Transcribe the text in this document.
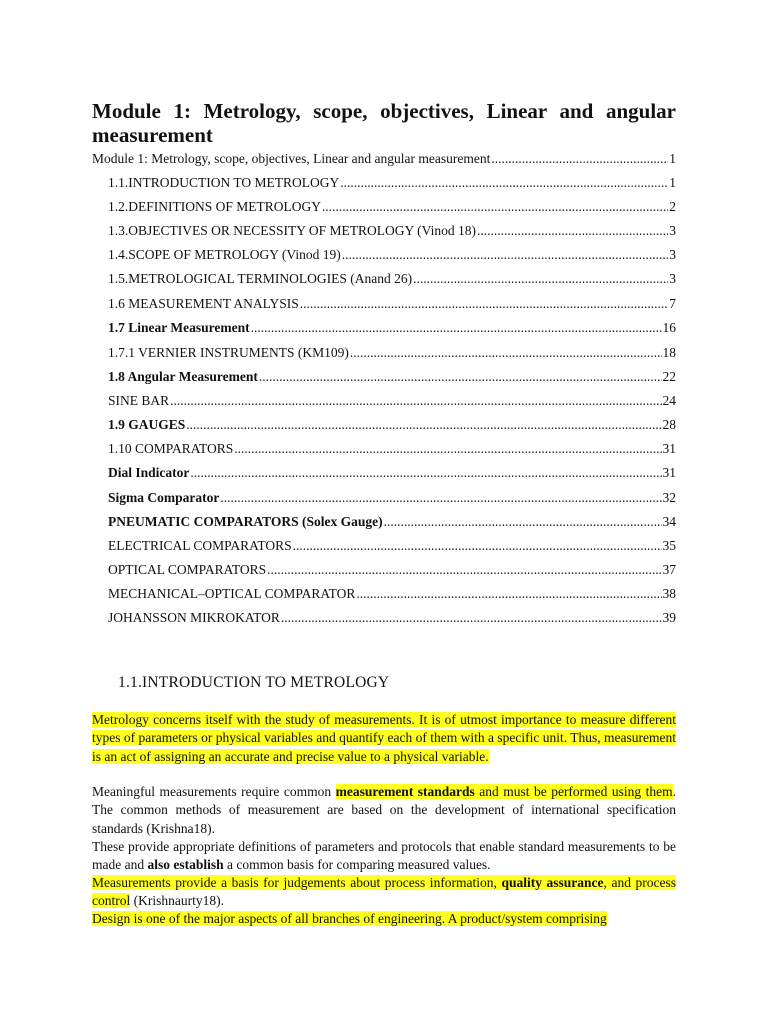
Module 1: Metrology, scope, objectives, Linear and angular measurement
Module 1: Metrology, scope, objectives, Linear and angular measurement .....	1
1.1. INTRODUCTION TO METROLOGY .....	1
1.2. DEFINITIONS OF METROLOGY .....	2
1.3. OBJECTIVES OR NECESSITY OF METROLOGY (Vinod 18) .....	3
1.4. SCOPE OF METROLOGY (Vinod 19) .....	3
1.5. METROLOGICAL TERMINOLOGIES (Anand 26) .....	3
1.6 MEASUREMENT ANALYSIS .....	7
1.7 Linear Measurement .....	16
1.7.1 VERNIER INSTRUMENTS (KM109) .....	18
1.8 Angular Measurement .....	22
SINE BAR .....	24
1.9 GAUGES .....	28
1.10 COMPARATORS .....	31
Dial Indicator .....	31
Sigma Comparator .....	32
PNEUMATIC COMPARATORS (Solex Gauge) .....	34
ELECTRICAL COMPARATORS .....	35
OPTICAL COMPARATORS .....	37
MECHANICAL–OPTICAL COMPARATOR .....	38
JOHANSSON MIKROKATOR .....	39
1.1.INTRODUCTION TO METROLOGY
Metrology concerns itself with the study of measurements. It is of utmost importance to measure different types of parameters or physical variables and quantify each of them with a specific unit. Thus, measurement is an act of assigning an accurate and precise value to a physical variable.
Meaningful measurements require common measurement standards and must be performed using them. The common methods of measurement are based on the development of international specification standards (Krishna18).
These provide appropriate definitions of parameters and protocols that enable standard measurements to be made and also establish a common basis for comparing measured values.
Measurements provide a basis for judgements about process information, quality assurance, and process control (Krishnaurty18).
Design is one of the major aspects of all branches of engineering. A product/system comprising
